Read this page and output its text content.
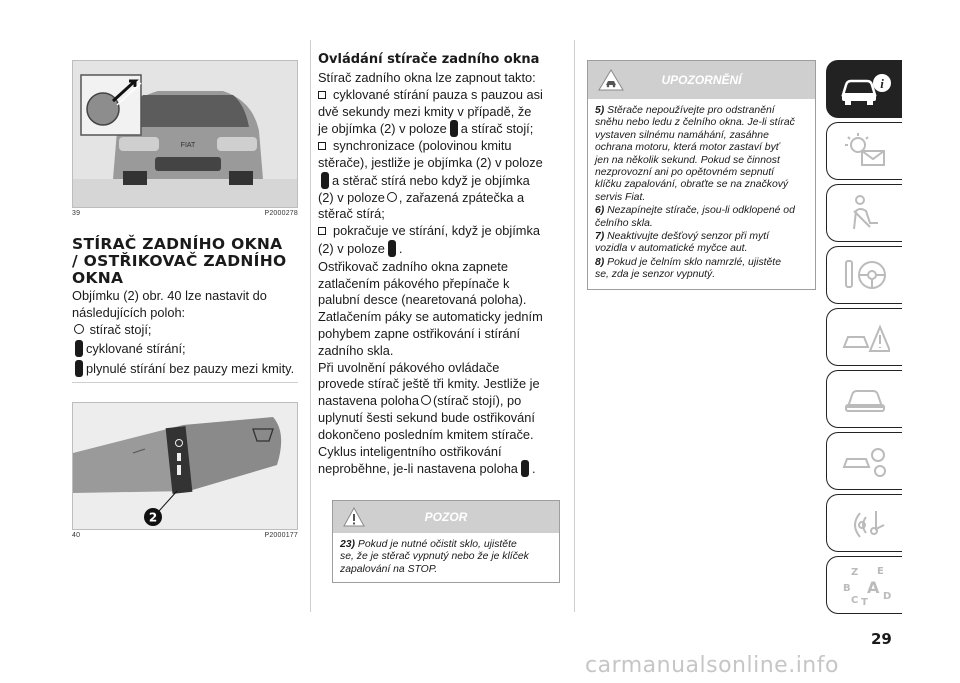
FIAT
39	P2000278
STÍRAČ ZADNÍHO OKNA
/ OSTŘIKOVAČ ZADNÍHO
OKNA
Objímku (2) obr. 40 lze nastavit do
následujících poloh:
stírač stojí;
cyklované stírání;
plynulé stírání bez pauzy mezi kmity.
2
40	P2000177
Ovládání stírače zadního okna
Stírač zadního okna lze zapnout takto:
cyklované stírání pauza s pauzou asi
dvě sekundy mezi kmity v případě, že
je objímka (2) v poloze a stírač stojí;
synchronizace (polovinou kmitu
stěrače), jestliže je objímka (2) v poloze
a stěrač stírá nebo když je objímka
(2) v poloze , zařazená zpátečka a
stěrač stírá;
pokračuje ve stírání, když je objímka
(2) v poloze .
Ostřikovač zadního okna zapnete
zatlačením pákového přepínače k
palubní desce (nearetovaná poloha).
Zatlačením páky se automaticky jedním
pohybem zapne ostřikování i stírání
zadního skla.
Při uvolnění pákového ovládače
provede stírač ještě tři kmity. Jestliže je
nastavena poloha (stírač stojí), po
uplynutí šesti sekund bude ostřikování
dokončeno posledním kmitem stírače.
Cyklus inteligentního ostřikování
neproběhne, je-li nastavena poloha .
POZOR
23) Pokud je nutné očistit sklo, ujistěte
se, že je stěrač vypnutý nebo že je klíček
zapalování na STOP.
UPOZORNĚNÍ
5) Stěrače nepoužívejte pro odstranění
sněhu nebo ledu z čelního okna. Je-li stírač
vystaven silnému namáhání, zasáhne
ochrana motoru, která motor zastaví byť
jen na několik sekund. Pokud se činnost
nezprovozní ani po opětovném sepnutí
klíčku zapalování, obraťte se na značkový
servis Fiat.
6) Nezapínejte stírače, jsou-li odklopené od
čelního skla.
7) Neaktivujte dešťový senzor při mytí
vozidla v automatické myčce aut.
8) Pokud je čelním sklo namrzlé, ujistěte
se, zda je senzor vypnutý.
i
Z E
B A
C T
D
29
carmanualsonline.info
